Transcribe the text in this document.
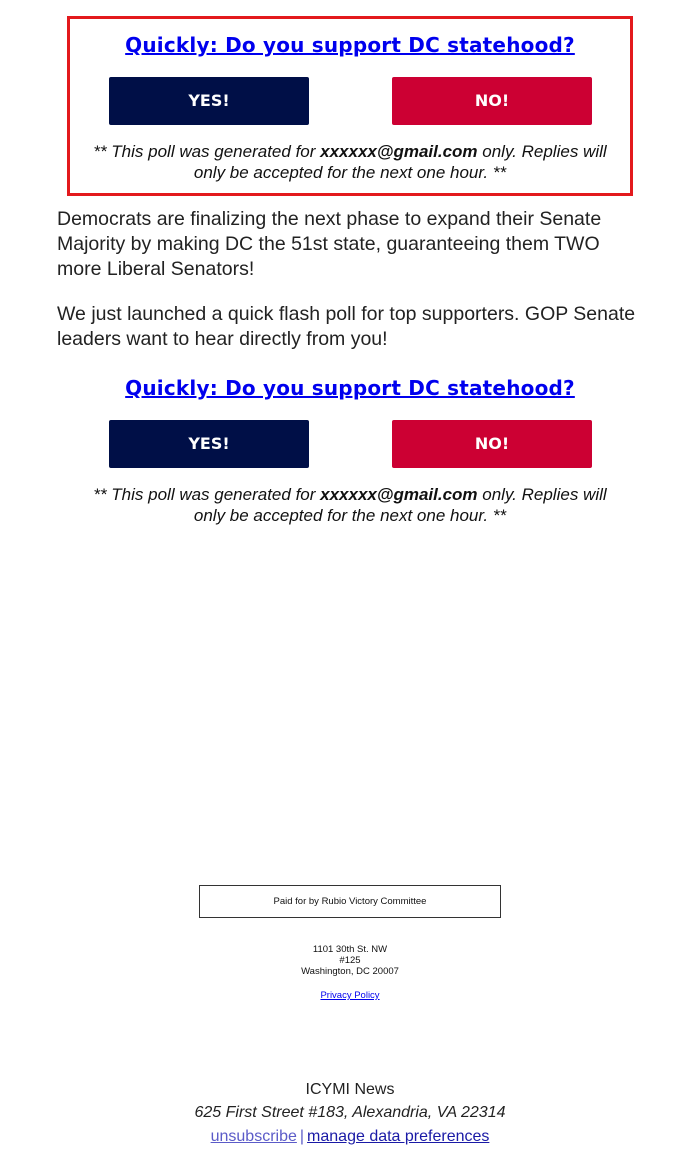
Quickly: Do you support DC statehood?
YES!	NO!
** This poll was generated for xxxxxx@gmail.com only. Replies will only be accepted for the next one hour. **
Democrats are finalizing the next phase to expand their Senate Majority by making DC the 51st state, guaranteeing them TWO more Liberal Senators!
We just launched a quick flash poll for top supporters. GOP Senate leaders want to hear directly from you!
Quickly: Do you support DC statehood?
YES!	NO!
** This poll was generated for xxxxxx@gmail.com only. Replies will only be accepted for the next one hour. **
Paid for by Rubio Victory Committee
1101 30th St. NW
#125
Washington, DC 20007
Privacy Policy
ICYMI News
625 First Street #183, Alexandria, VA 22314
unsubscribe | manage data preferences
